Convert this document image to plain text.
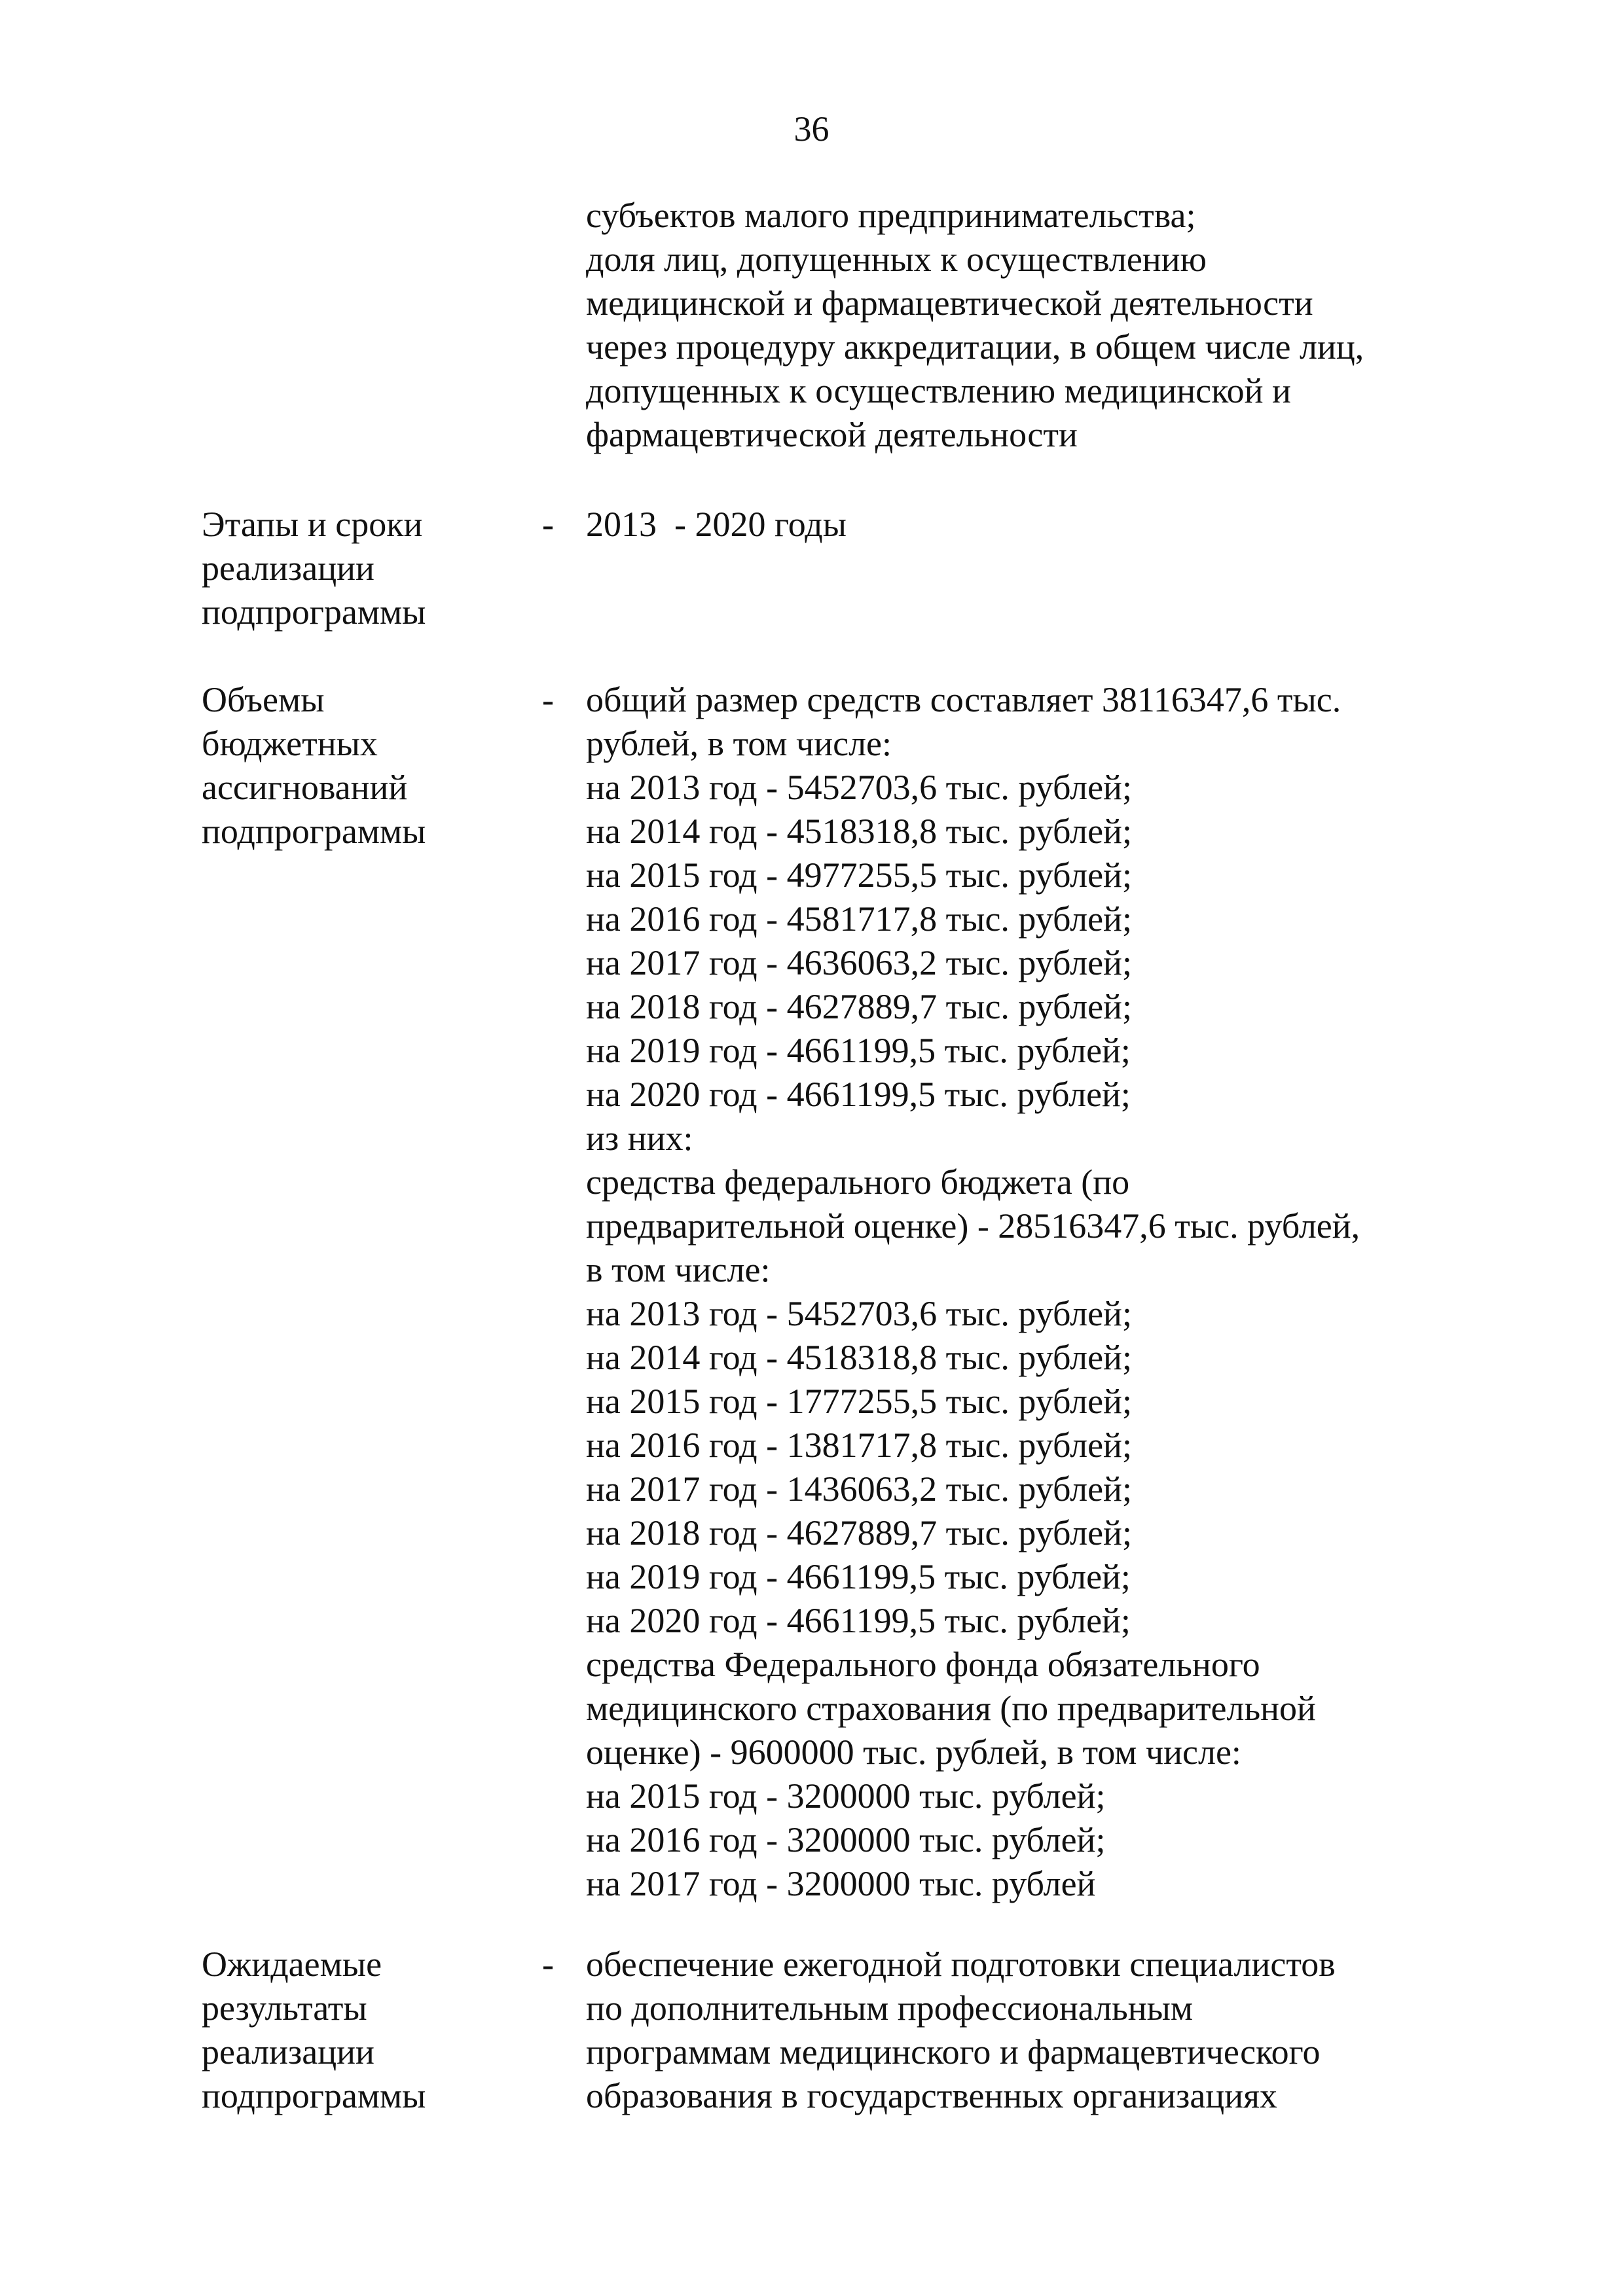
36
субъектов малого предпринимательства;
доля лиц, допущенных к осуществлению
медицинской и фармацевтической деятельности
через процедуру аккредитации, в общем числе лиц,
допущенных к осуществлению медицинской и
фармацевтической деятельности
Этапы и сроки
реализации
подпрограммы
- 2013  - 2020 годы
Объемы
бюджетных
ассигнований
подпрограммы
- общий размер средств составляет 38116347,6 тыс.
рублей, в том числе:
на 2013 год - 5452703,6 тыс. рублей;
на 2014 год - 4518318,8 тыс. рублей;
на 2015 год - 4977255,5 тыс. рублей;
на 2016 год - 4581717,8 тыс. рублей;
на 2017 год - 4636063,2 тыс. рублей;
на 2018 год - 4627889,7 тыс. рублей;
на 2019 год - 4661199,5 тыс. рублей;
на 2020 год - 4661199,5 тыс. рублей;
из них:
средства федерального бюджета (по
предварительной оценке) - 28516347,6 тыс. рублей,
в том числе:
на 2013 год - 5452703,6 тыс. рублей;
на 2014 год - 4518318,8 тыс. рублей;
на 2015 год - 1777255,5 тыс. рублей;
на 2016 год - 1381717,8 тыс. рублей;
на 2017 год - 1436063,2 тыс. рублей;
на 2018 год - 4627889,7 тыс. рублей;
на 2019 год - 4661199,5 тыс. рублей;
на 2020 год - 4661199,5 тыс. рублей;
средства Федерального фонда обязательного
медицинского страхования (по предварительной
оценке) - 9600000 тыс. рублей, в том числе:
на 2015 год - 3200000 тыс. рублей;
на 2016 год - 3200000 тыс. рублей;
на 2017 год - 3200000 тыс. рублей
Ожидаемые
результаты
реализации
подпрограммы
- обеспечение ежегодной подготовки специалистов
по дополнительным профессиональным
программам медицинского и фармацевтического
образования в государственных организациях
